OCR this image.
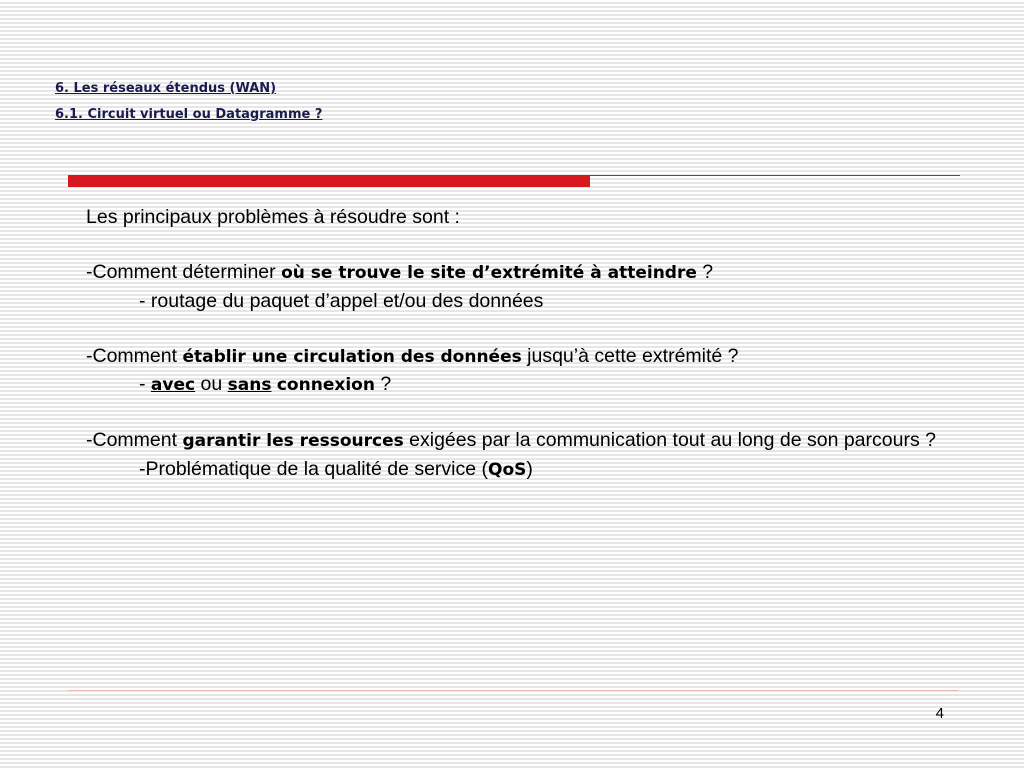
6. Les réseaux étendus (WAN)
6.1. Circuit virtuel ou Datagramme ?

Les principaux problèmes à résoudre sont :

-Comment déterminer où se trouve le site d’extrémité à atteindre ?

- routage du paquet d’appel et/ou des données

-Comment établir une circulation des données jusqu’à cette extrémité ?

- avec ou sans connexion ?

-Comment garantir les ressources exigées par la communication tout au long de son parcours ?

-Problématique de la qualité de service (QoS)

4
